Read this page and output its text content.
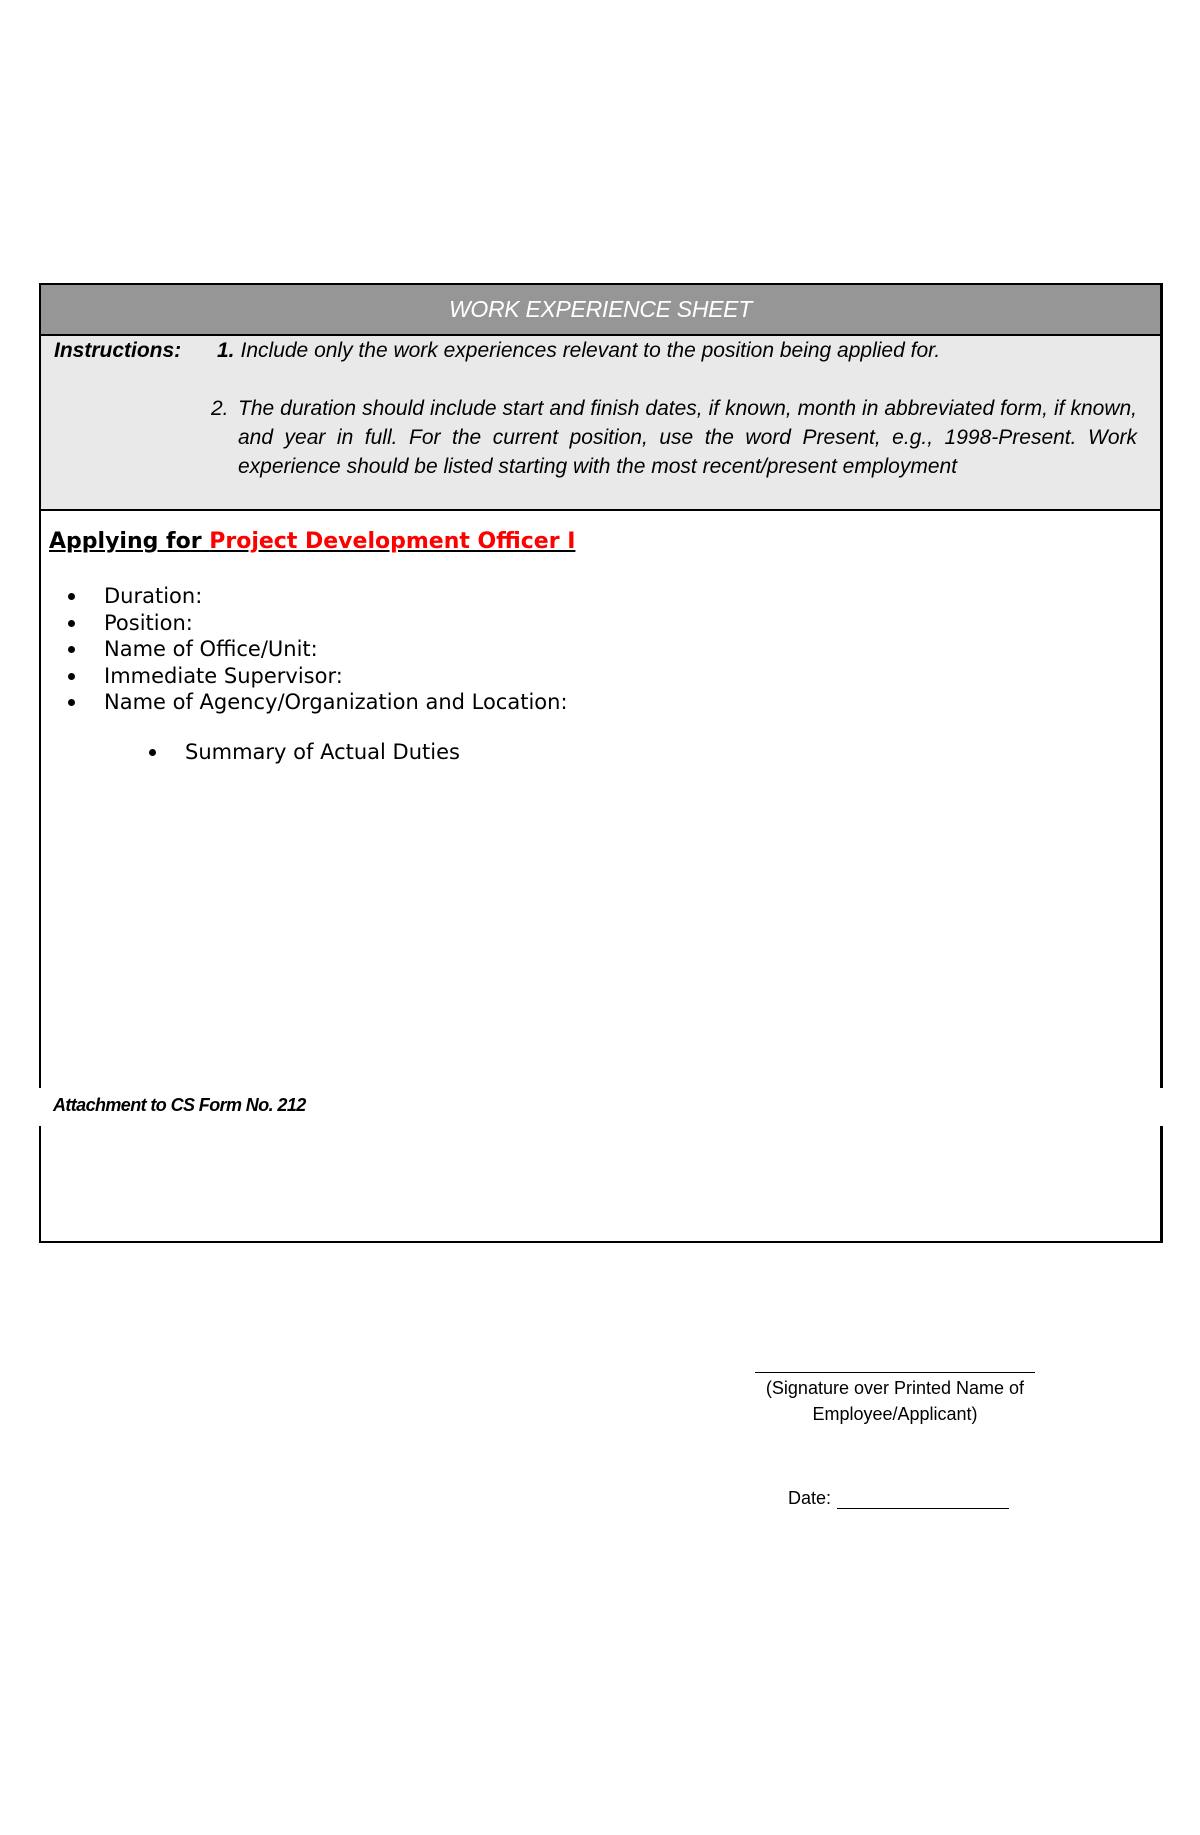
WORK EXPERIENCE SHEET
Instructions: 1. Include only the work experiences relevant to the position being applied for.
2. The duration should include start and finish dates, if known, month in abbreviated form, if known, and year in full. For the current position, use the word Present, e.g., 1998-Present. Work experience should be listed starting with the most recent/present employment
Applying for Project Development Officer I
Duration:
Position:
Name of Office/Unit:
Immediate Supervisor:
Name of Agency/Organization and Location:
Summary of Actual Duties
Attachment to CS Form No. 212
(Signature over Printed Name of
Employee/Applicant)
Date:
